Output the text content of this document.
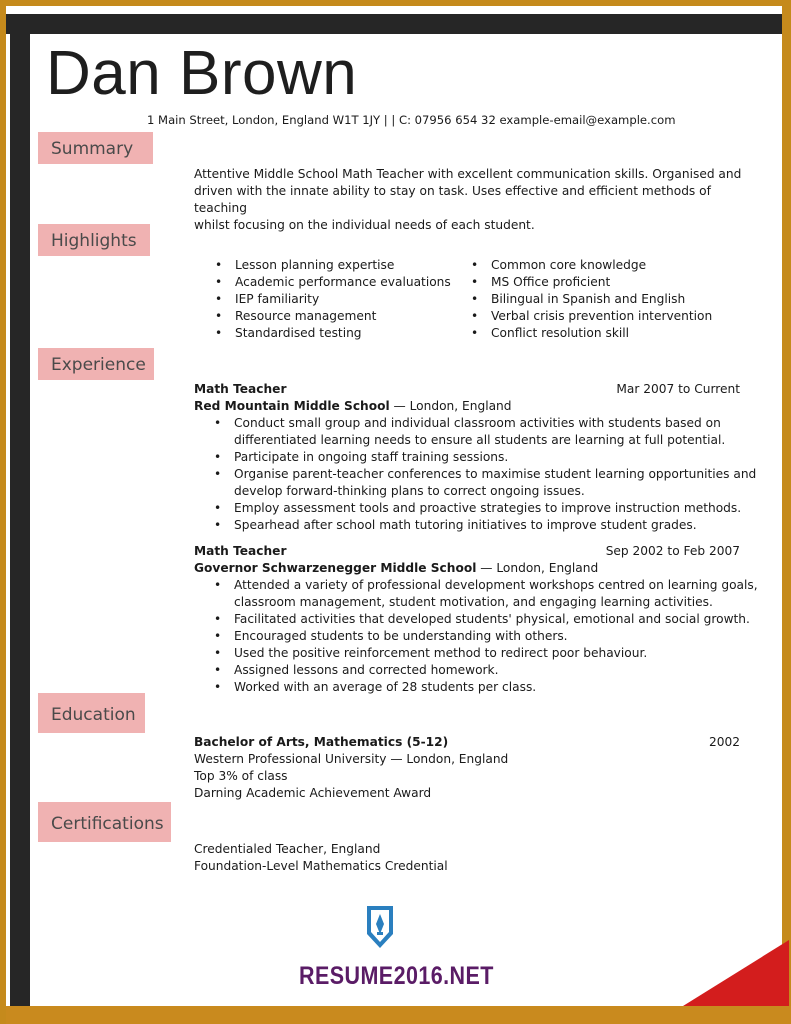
Dan Brown
1 Main Street, London, England W1T 1JY | | C: 07956 654 32 example-email@example.com
Summary
Highlights
Experience
Education
Certifications
Attentive Middle School Math Teacher with excellent communication skills. Organised and
driven with the innate ability to stay on task. Uses effective and efficient methods of teaching
whilst focusing on the individual needs of each student.
• Lesson planning expertise
• Academic performance evaluations
• IEP familiarity
• Resource management
• Standardised testing
• Common core knowledge
• MS Office proficient
• Bilingual in Spanish and English
• Verbal crisis prevention intervention
• Conflict resolution skill
Math Teacher	Mar 2007 to Current
Red Mountain Middle School — London, England
• Conduct small group and individual classroom activities with students based on
differentiated learning needs to ensure all students are learning at full potential.
• Participate in ongoing staff training sessions.
• Organise parent-teacher conferences to maximise student learning opportunities and
develop forward-thinking plans to correct ongoing issues.
• Employ assessment tools and proactive strategies to improve instruction methods.
• Spearhead after school math tutoring initiatives to improve student grades.
Math Teacher	Sep 2002 to Feb 2007
Governor Schwarzenegger Middle School — London, England
• Attended a variety of professional development workshops centred on learning goals,
classroom management, student motivation, and engaging learning activities.
• Facilitated activities that developed students' physical, emotional and social growth.
• Encouraged students to be understanding with others.
• Used the positive reinforcement method to redirect poor behaviour.
• Assigned lessons and corrected homework.
• Worked with an average of 28 students per class.
Bachelor of Arts, Mathematics (5-12)	2002
Western Professional University — London, England
Top 3% of class
Darning Academic Achievement Award
Credentialed Teacher, England
Foundation-Level Mathematics Credential
RESUME2016.NET
